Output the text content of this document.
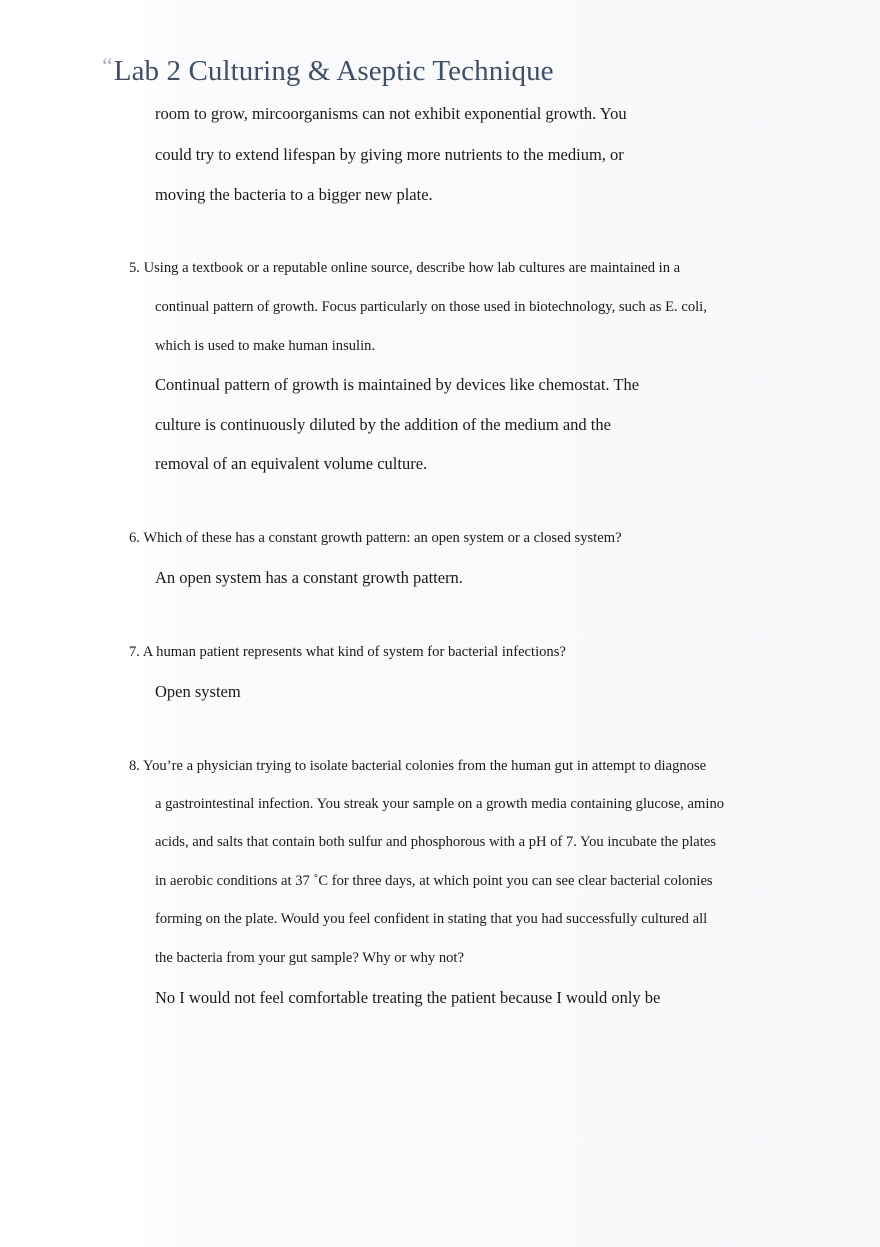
“Lab 2 Culturing & Aseptic Technique
room to grow, mircoorganisms can not exhibit exponential growth. You
could try to extend lifespan by giving more nutrients to the medium, or
moving the bacteria to a bigger new plate.
5. Using a textbook or a reputable online source, describe how lab cultures are maintained in a
continual pattern of growth. Focus particularly on those used in biotechnology, such as E. coli,
which is used to make human insulin.
Continual pattern of growth is maintained by devices like chemostat. The
culture is continuously diluted by the addition of the medium and the
removal of an equivalent volume culture.
6. Which of these has a constant growth pattern: an open system or a closed system?
An open system has a constant growth pattern.
7. A human patient represents what kind of system for bacterial infections?
Open system
8. You’re a physician trying to isolate bacterial colonies from the human gut in attempt to diagnose
a gastrointestinal infection. You streak your sample on a growth media containing glucose, amino
acids, and salts that contain both sulfur and phosphorous with a pH of 7. You incubate the plates
in aerobic conditions at 37 ˚C for three days, at which point you can see clear bacterial colonies
forming on the plate. Would you feel confident in stating that you had successfully cultured all
the bacteria from your gut sample? Why or why not?
No I would not feel comfortable treating the patient because I would only be
